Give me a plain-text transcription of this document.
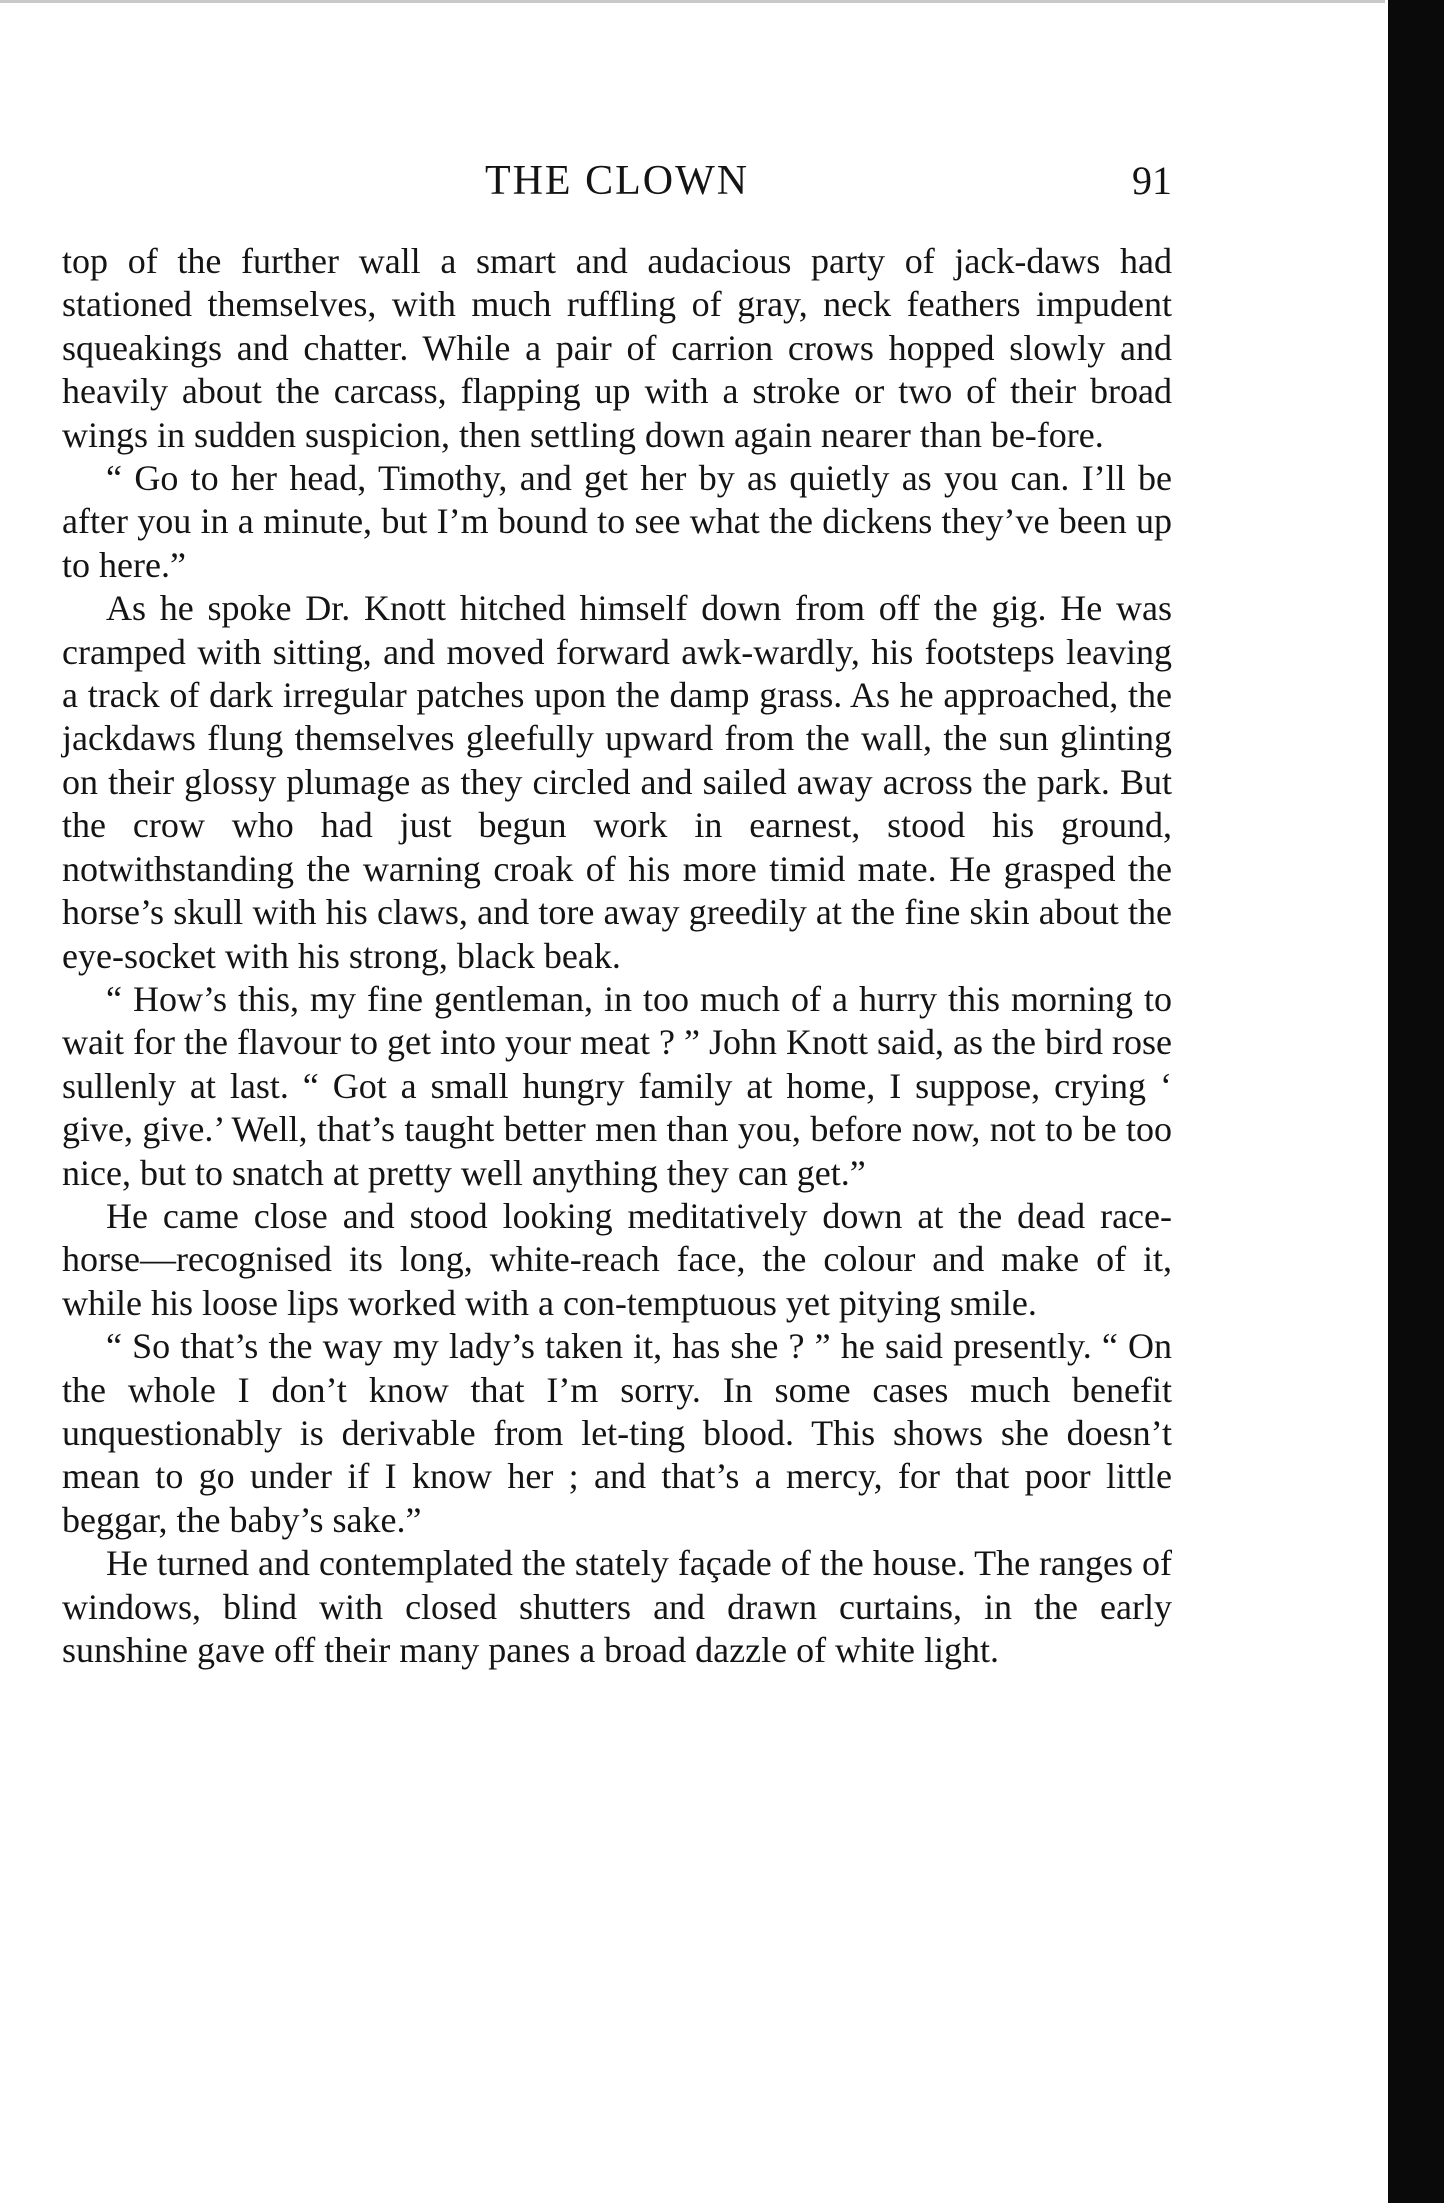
THE CLOWN	91

top of the further wall a smart and audacious party of jack-daws had stationed themselves, with much ruffling of gray, neck feathers impudent squeakings and chatter. While a pair of carrion crows hopped slowly and heavily about the carcass, flapping up with a stroke or two of their broad wings in sudden suspicion, then settling down again nearer than be-fore.

“ Go to her head, Timothy, and get her by as quietly as you can. I’ll be after you in a minute, but I’m bound to see what the dickens they’ve been up to here.”

As he spoke Dr. Knott hitched himself down from off the gig. He was cramped with sitting, and moved forward awk-wardly, his footsteps leaving a track of dark irregular patches upon the damp grass. As he approached, the jackdaws flung themselves gleefully upward from the wall, the sun glinting on their glossy plumage as they circled and sailed away across the park. But the crow who had just begun work in earnest, stood his ground, notwithstanding the warning croak of his more timid mate. He grasped the horse’s skull with his claws, and tore away greedily at the fine skin about the eye-socket with his strong, black beak.

“ How’s this, my fine gentleman, in too much of a hurry this morning to wait for the flavour to get into your meat ? ” John Knott said, as the bird rose sullenly at last. “ Got a small hungry family at home, I suppose, crying ‘ give, give.’ Well, that’s taught better men than you, before now, not to be too nice, but to snatch at pretty well anything they can get.”

He came close and stood looking meditatively down at the dead race-horse—recognised its long, white-reach face, the colour and make of it, while his loose lips worked with a con-temptuous yet pitying smile.

“ So that’s the way my lady’s taken it, has she ? ” he said presently. “ On the whole I don’t know that I’m sorry. In some cases much benefit unquestionably is derivable from let-ting blood. This shows she doesn’t mean to go under if I know her ; and that’s a mercy, for that poor little beggar, the baby’s sake.”

He turned and contemplated the stately façade of the house. The ranges of windows, blind with closed shutters and drawn curtains, in the early sunshine gave off their many panes a broad dazzle of white light.
